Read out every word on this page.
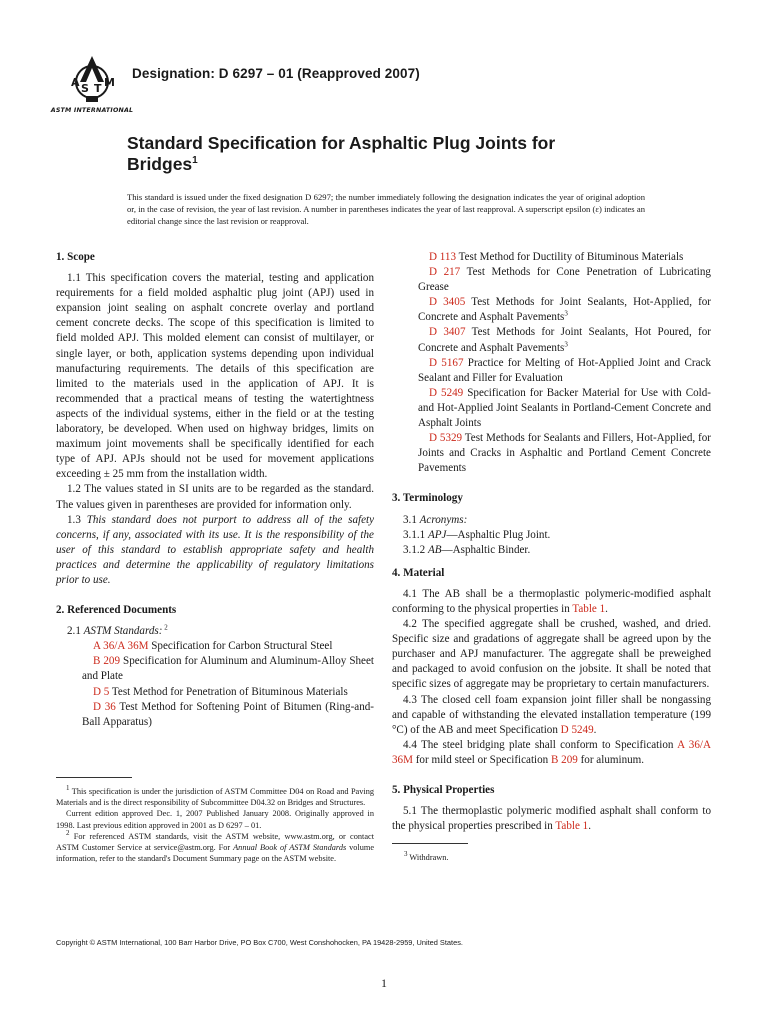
A S T M
ASTM INTERNATIONAL
Designation: D 6297 – 01 (Reapproved 2007)
Standard Specification for Asphaltic Plug Joints for
Bridges$^1$
This standard is issued under the fixed designation D 6297; the number immediately following the designation indicates the year of original adoption or, in the case of revision, the year of last revision. A number in parentheses indicates the year of last reapproval. A superscript epsilon (ε) indicates an editorial change since the last revision or reapproval.
1. Scope

1.1 This specification covers the material, testing and application requirements for a field molded asphaltic plug joint (APJ) used in expansion joint sealing on asphalt concrete overlay and portland cement concrete decks. The scope of this specification is limited to field molded APJ. This molded element can consist of multilayer, or single layer, or both, application systems depending upon individual manufacturing requirements. The details of this specification are limited to the materials used in the application of APJ. It is recommended that a practical means of testing the watertightness aspects of the individual systems, either in the field or at the testing laboratory, be developed. When used on highway bridges, limits on maximum joint movements shall be specifically identified for each type of APJ. APJs should not be used for movement applications exceeding ± 25 mm from the installation width.

1.2 The values stated in SI units are to be regarded as the standard. The values given in parentheses are provided for information only.

1.3 This standard does not purport to address all of the safety concerns, if any, associated with its use. It is the responsibility of the user of this standard to establish appropriate safety and health practices and determine the applicability of regulatory limitations prior to use.

2. Referenced Documents

2.1 ASTM Standards: $^2$

A 36/A 36M Specification for Carbon Structural Steel

B 209 Specification for Aluminum and Aluminum-Alloy Sheet and Plate

D 5 Test Method for Penetration of Bituminous Materials

D 36 Test Method for Softening Point of Bitumen (Ring-and-Ball Apparatus)

$^1$ This specification is under the jurisdiction of ASTM Committee D04 on Road and Paving Materials and is the direct responsibility of Subcommittee D04.32 on Bridges and Structures.

Current edition approved Dec. 1, 2007 Published January 2008. Originally approved in 1998. Last previous edition approved in 2001 as D 6297 – 01.

$^2$ For referenced ASTM standards, visit the ASTM website, www.astm.org, or contact ASTM Customer Service at service@astm.org. For Annual Book of ASTM Standards volume information, refer to the standard's Document Summary page on the ASTM website.

D 113 Test Method for Ductility of Bituminous Materials

D 217 Test Methods for Cone Penetration of Lubricating Grease

D 3405 Test Methods for Joint Sealants, Hot-Applied, for Concrete and Asphalt Pavements$^3$

D 3407 Test Methods for Joint Sealants, Hot Poured, for Concrete and Asphalt Pavements$^3$

D 5167 Practice for Melting of Hot-Applied Joint and Crack Sealant and Filler for Evaluation

D 5249 Specification for Backer Material for Use with Cold- and Hot-Applied Joint Sealants in Portland-Cement Concrete and Asphalt Joints

D 5329 Test Methods for Sealants and Fillers, Hot-Applied, for Joints and Cracks in Asphaltic and Portland Cement Concrete Pavements

3. Terminology

3.1 Acronyms:

3.1.1 APJ—Asphaltic Plug Joint.

3.1.2 AB—Asphaltic Binder.

4. Material

4.1 The AB shall be a thermoplastic polymeric-modified asphalt conforming to the physical properties in Table 1.

4.2 The specified aggregate shall be crushed, washed, and dried. Specific size and gradations of aggregate shall be agreed upon by the purchaser and APJ manufacturer. The aggregate shall be preweighed and packaged to avoid confusion on the jobsite. It shall be noted that specific sizes of aggregate may be proprietary to certain manufacturers.

4.3 The closed cell foam expansion joint filler shall be nongassing and capable of withstanding the elevated installation temperature (199 °C) of the AB and meet Specification D 5249.

4.4 The steel bridging plate shall conform to Specification A 36/A 36M for mild steel or Specification B 209 for aluminum.

5. Physical Properties

5.1 The thermoplastic polymeric modified asphalt shall conform to the physical properties prescribed in Table 1.

$^3$ Withdrawn.
Copyright © ASTM International, 100 Barr Harbor Drive, PO Box C700, West Conshohocken, PA 19428-2959, United States.
1
